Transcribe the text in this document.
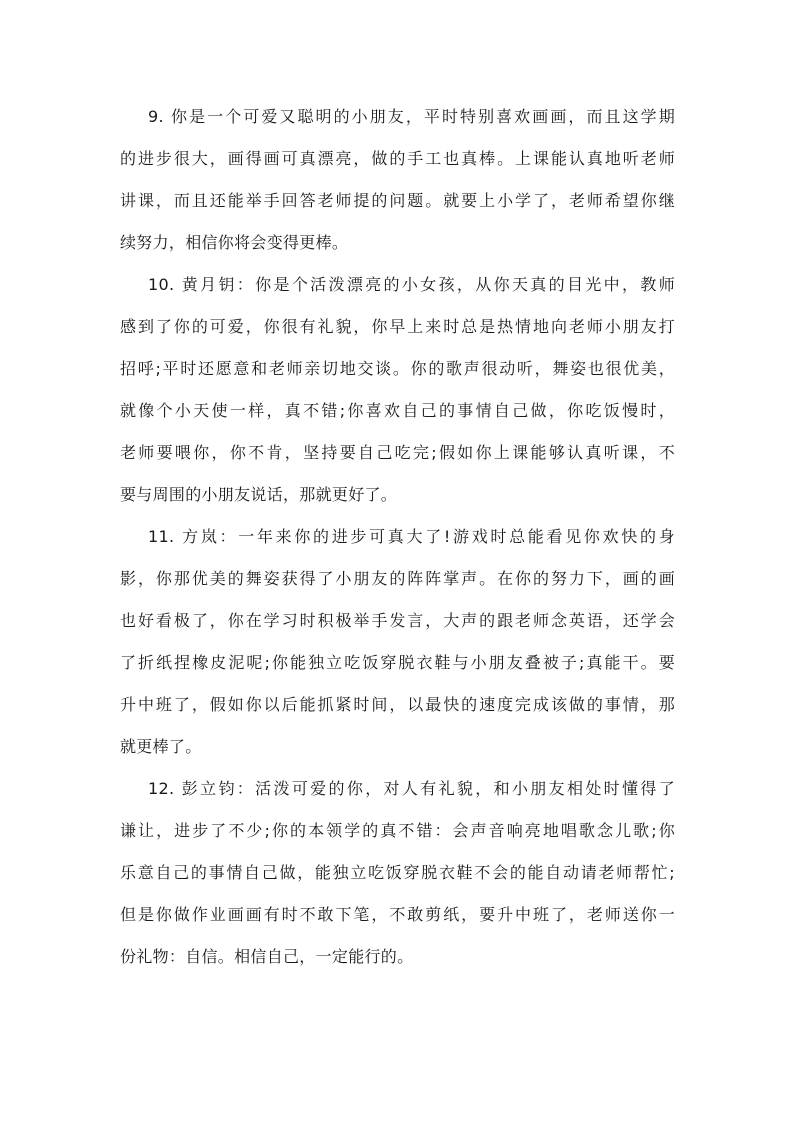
9. 你是一个可爱又聪明的小朋友，平时特别喜欢画画，而且这学期
的进步很大，画得画可真漂亮，做的手工也真棒。上课能认真地听老师
讲课，而且还能举手回答老师提的问题。就要上小学了，老师希望你继
续努力，相信你将会变得更棒。
10. 黄月钥：你是个活泼漂亮的小女孩，从你天真的目光中，教师
感到了你的可爱，你很有礼貌，你早上来时总是热情地向老师小朋友打
招呼;平时还愿意和老师亲切地交谈。你的歌声很动听，舞姿也很优美，
就像个小天使一样，真不错;你喜欢自己的事情自己做，你吃饭慢时，
老师要喂你，你不肯，坚持要自己吃完;假如你上课能够认真听课，不
要与周围的小朋友说话，那就更好了。
11. 方岚：一年来你的进步可真大了!游戏时总能看见你欢快的身
影，你那优美的舞姿获得了小朋友的阵阵掌声。在你的努力下，画的画
也好看极了，你在学习时积极举手发言，大声的跟老师念英语，还学会
了折纸捏橡皮泥呢;你能独立吃饭穿脱衣鞋与小朋友叠被子;真能干。要
升中班了，假如你以后能抓紧时间，以最快的速度完成该做的事情，那
就更棒了。
12. 彭立钧：活泼可爱的你，对人有礼貌，和小朋友相处时懂得了
谦让，进步了不少;你的本领学的真不错：会声音响亮地唱歌念儿歌;你
乐意自己的事情自己做，能独立吃饭穿脱衣鞋不会的能自动请老师帮忙;
但是你做作业画画有时不敢下笔，不敢剪纸，要升中班了，老师送你一
份礼物：自信。相信自己，一定能行的。
